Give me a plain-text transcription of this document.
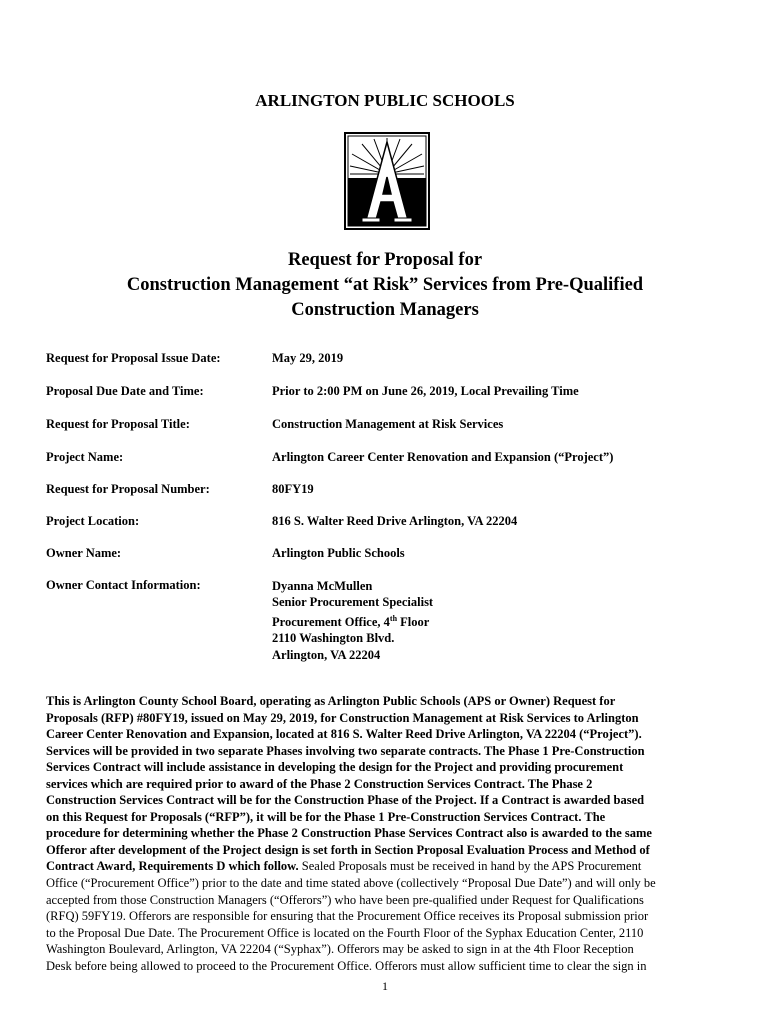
ARLINGTON PUBLIC SCHOOLS
Request for Proposal for
Construction Management “at Risk” Services from Pre-Qualified
Construction Managers
Request for Proposal Issue Date:	May 29, 2019
Proposal Due Date and Time:	Prior to 2:00 PM on June 26, 2019, Local Prevailing Time
Request for Proposal Title:	Construction Management at Risk Services
Project Name:	Arlington Career Center Renovation and Expansion (“Project”)
Request for Proposal Number:	80FY19
Project Location:	816 S. Walter Reed Drive Arlington, VA 22204
Owner Name:	Arlington Public Schools
Owner Contact Information:	Dyanna McMullen
Senior Procurement Specialist
Procurement Office, 4th Floor
2110 Washington Blvd.
Arlington, VA 22204
This is Arlington County School Board, operating as Arlington Public Schools (APS or Owner) Request for
Proposals (RFP) #80FY19, issued on May 29, 2019, for Construction Management at Risk Services to Arlington
Career Center Renovation and Expansion, located at 816 S. Walter Reed Drive Arlington, VA 22204 (“Project”).
Services will be provided in two separate Phases involving two separate contracts. The Phase 1 Pre-Construction
Services Contract will include assistance in developing the design for the Project and providing procurement
services which are required prior to award of the Phase 2 Construction Services Contract. The Phase 2
Construction Services Contract will be for the Construction Phase of the Project. If a Contract is awarded based
on this Request for Proposals (“RFP”), it will be for the Phase 1 Pre-Construction Services Contract. The
procedure for determining whether the Phase 2 Construction Phase Services Contract also is awarded to the same
Offeror after development of the Project design is set forth in Section Proposal Evaluation Process and Method of
Contract Award, Requirements D which follow. Sealed Proposals must be received in hand by the APS Procurement
Office (“Procurement Office”) prior to the date and time stated above (collectively “Proposal Due Date”) and will only be
accepted from those Construction Managers (“Offerors”) who have been pre-qualified under Request for Qualifications
(RFQ) 59FY19. Offerors are responsible for ensuring that the Procurement Office receives its Proposal submission prior
to the Proposal Due Date. The Procurement Office is located on the Fourth Floor of the Syphax Education Center, 2110
Washington Boulevard, Arlington, VA 22204 (“Syphax”). Offerors may be asked to sign in at the 4th Floor Reception
Desk before being allowed to proceed to the Procurement Office. Offerors must allow sufficient time to clear the sign in
1
